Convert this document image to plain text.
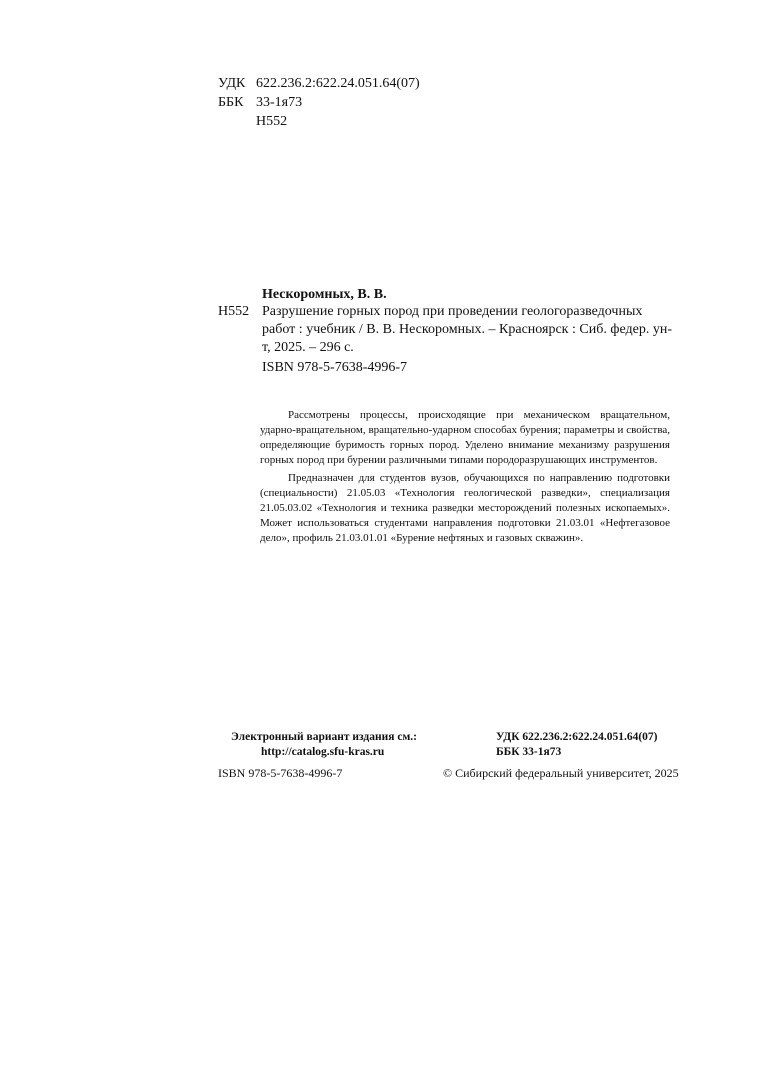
УДК 622.236.2:622.24.051.64(07)
ББК 33-1я73
Н552
Нескоромных, В. В.
Н552 Разрушение горных пород при проведении геологоразведочных
работ : учебник / В. В. Нескоромных. – Красноярск : Сиб. федер. ун-т, 2025. – 296 с.
ISBN 978-5-7638-4996-7

Рассмотрены процессы, происходящие при механическом вращательном, ударно-вращательном, вращательно-ударном способах бурения; параметры и свойства, определяющие буримость горных пород. Уделено внимание механизму разрушения горных пород при бурении различными типами породоразрушающих инструментов.

Предназначен для студентов вузов, обучающихся по направлению подготовки (специальности) 21.05.03 «Технология геологической разведки», специализация 21.05.03.02 «Технология и техника разведки месторождений полезных ископаемых». Может использоваться студентами направления подготовки 21.03.01 «Нефтегазовое дело», профиль 21.03.01.01 «Бурение нефтяных и газовых скважин».

Электронный вариант издания см.:
http://catalog.sfu-kras.ru
УДК 622.236.2:622.24.051.64(07)
ББК 33-1я73
ISBN 978-5-7638-4996-7	© Сибирский федеральный университет, 2025
